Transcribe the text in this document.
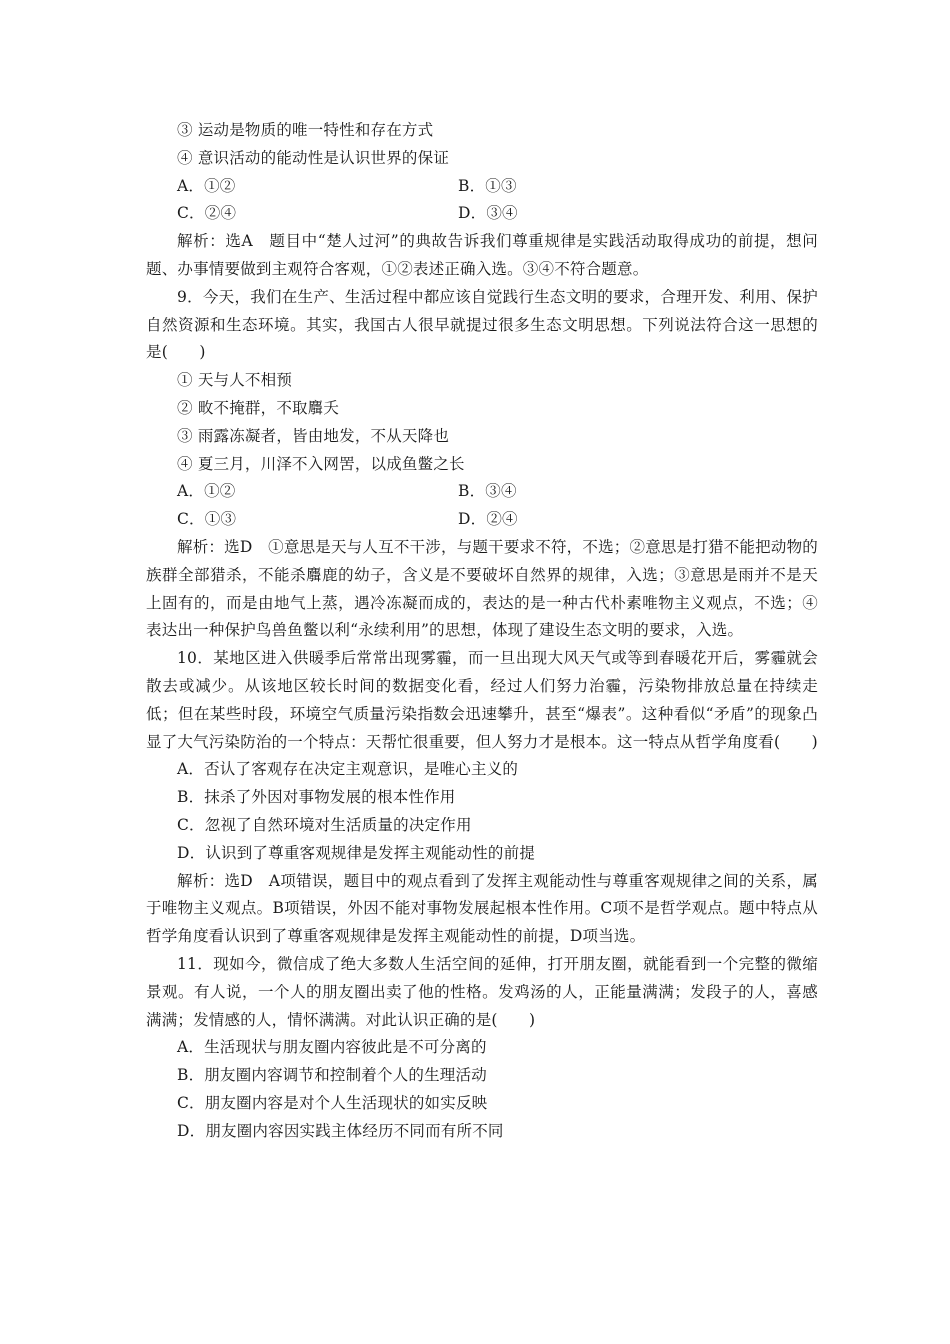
③ 运动是物质的唯一特性和存在方式
④ 意识活动的能动性是认识世界的保证
A．①②	B．①③
C．②④	D．③④

解析：选A　题目中“楚人过河”的典故告诉我们尊重规律是实践活动取得成功的前提，想问题、办事情要做到主观符合客观，①②表述正确入选。③④不符合题意。

9．今天，我们在生产、生活过程中都应该自觉践行生态文明的要求，合理开发、利用、保护自然资源和生态环境。其实，我国古人很早就提过很多生态文明思想。下列说法符合这一思想的是(　　)

① 天与人不相预
② 畋不掩群，不取麛夭
③ 雨露冻凝者，皆由地发，不从天降也
④ 夏三月，川泽不入网罟，以成鱼鳖之长
A．①②	B．③④
C．①③	D．②④

解析：选D　①意思是天与人互不干涉，与题干要求不符，不选；②意思是打猎不能把动物的族群全部猎杀，不能杀麛鹿的幼子，含义是不要破坏自然界的规律，入选；③意思是雨并不是天上固有的，而是由地气上蒸，遇冷冻凝而成的，表达的是一种古代朴素唯物主义观点，不选；④表达出一种保护鸟兽鱼鳖以利“永续利用”的思想，体现了建设生态文明的要求，入选。

10．某地区进入供暖季后常常出现雾霾，而一旦出现大风天气或等到春暖花开后，雾霾就会散去或减少。从该地区较长时间的数据变化看，经过人们努力治霾，污染物排放总量在持续走低；但在某些时段，环境空气质量污染指数会迅速攀升，甚至“爆表”。这种看似“矛盾”的现象凸显了大气污染防治的一个特点：天帮忙很重要，但人努力才是根本。这一特点从哲学角度看(　　)

A．否认了客观存在决定主观意识，是唯心主义的
B．抹杀了外因对事物发展的根本性作用
C．忽视了自然环境对生活质量的决定作用
D．认识到了尊重客观规律是发挥主观能动性的前提

解析：选D　A项错误，题目中的观点看到了发挥主观能动性与尊重客观规律之间的关系，属于唯物主义观点。B项错误，外因不能对事物发展起根本性作用。C项不是哲学观点。题中特点从哲学角度看认识到了尊重客观规律是发挥主观能动性的前提，D项当选。

11．现如今，微信成了绝大多数人生活空间的延伸，打开朋友圈，就能看到一个完整的微缩景观。有人说，一个人的朋友圈出卖了他的性格。发鸡汤的人，正能量满满；发段子的人，喜感满满；发情感的人，情怀满满。对此认识正确的是(　　)

A．生活现状与朋友圈内容彼此是不可分离的
B．朋友圈内容调节和控制着个人的生理活动
C．朋友圈内容是对个人生活现状的如实反映
D．朋友圈内容因实践主体经历不同而有所不同
